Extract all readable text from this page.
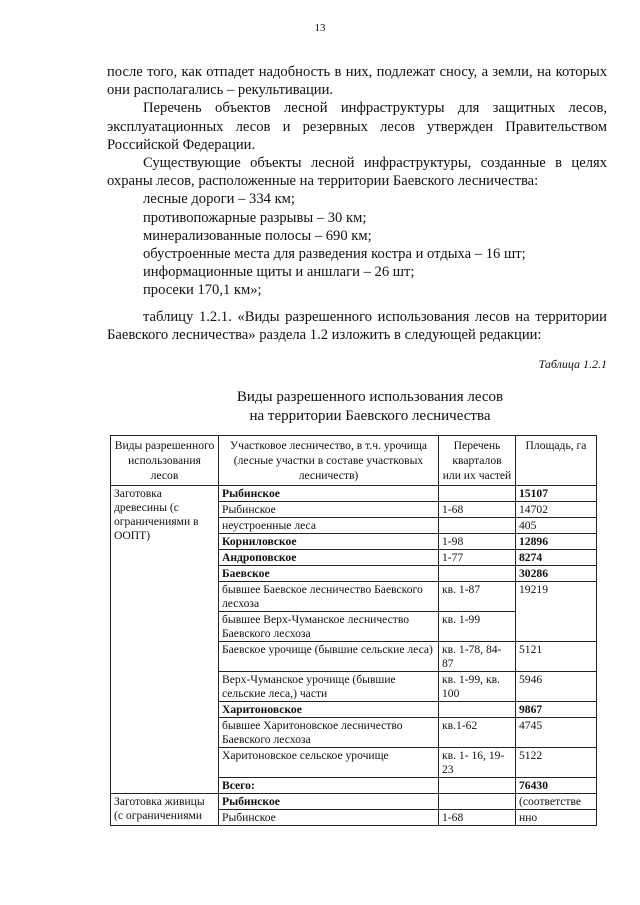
13

после того, как отпадет надобность в них, подлежат сносу, а земли, на которых они располагались – рекультивации.

Перечень объектов лесной инфраструктуры для защитных лесов, эксплуатационных лесов и резервных лесов утвержден Правительством Российской Федерации.

Существующие объекты лесной инфраструктуры, созданные в целях охраны лесов, расположенные на территории Баевского лесничества:

лесные дороги – 334 км;

противопожарные разрывы – 30 км;

минерализованные полосы – 690 км;

обустроенные места для разведения костра и отдыха – 16 шт;

информационные щиты и аншлаги – 26 шт;

просеки 170,1 км»;

таблицу 1.2.1. «Виды разрешенного использования лесов на территории Баевского лесничества» раздела 1.2 изложить в следующей редакции:

Таблица 1.2.1
Виды разрешенного использования лесов
на территории Баевского лесничества
Виды разрешенного использования лесов	Участковое лесничество, в т.ч. урочища (лесные участки в составе участковых лесничеств)	Перечень кварталов или их частей	Площадь, га
Заготовка древесины (с ограничениями в ООПТ)	Рыбинское		15107
	Рыбинское	1-68	14702
	неустроенные леса		405
	Корниловское	1-98	12896
	Андроповское	1-77	8274
	Баевское		30286
	бывшее Баевское лесничество Баевского лесхоза	кв. 1-87	19219
	бывшее Верх-Чуманское лесничество Баевского лесхоза	кв. 1-99	
	Баевское урочище (бывшие сельские леса)	кв. 1-78, 84-87	5121
	Верх-Чуманское урочище (бывшие сельские леса,) части	кв. 1-99, кв. 100	5946
	Харитоновское		9867
	бывшее Харитоновское лесничество Баевского лесхоза	кв.1-62	4745
	Харитоновское сельское урочище	кв. 1- 16, 19-23	5122
	Всего:		76430
Заготовка живицы (с ограничениями	Рыбинское		(соответстве
	Рыбинское	1-68	нно
